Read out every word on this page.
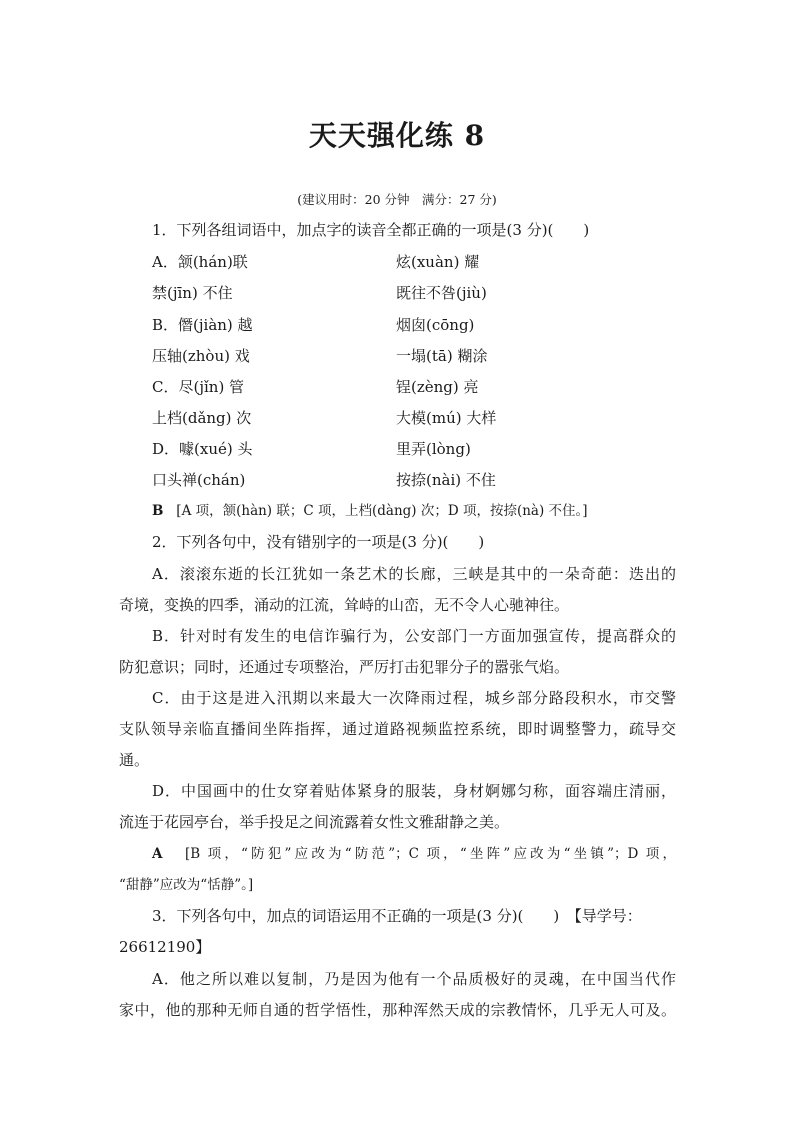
天天强化练 8
(建议用时：20 分钟　满分：27 分)
1．下列各组词语中，加点字的读音全都正确的一项是(3 分)(　　)
A．颔(hán)联	炫(xuàn) 耀
禁(jīn) 不住	既往不咎(jiù)
B．僭(jiàn) 越	烟囱(cōng)
压轴(zhòu) 戏	一塌(tā) 糊涂
C．尽(jǐn) 管	锃(zèng) 亮
上档(dǎng) 次	大模(mú) 大样
D．噱(xué) 头	里弄(lòng)
口头禅(chán)	按捺(nài) 不住
B [A 项，颔(hàn) 联；C 项，上档(dàng) 次；D 项，按捺(nà) 不住。]
2．下列各句中，没有错别字的一项是(3 分)(　　)
A．滚滚东逝的长江犹如一条艺术的长廊，三峡是其中的一朵奇葩：迭出的
奇境，变换的四季，涌动的江流，耸峙的山峦，无不令人心驰神往。
B．针对时有发生的电信诈骗行为，公安部门一方面加强宣传，提高群众的
防犯意识；同时，还通过专项整治，严厉打击犯罪分子的嚣张气焰。
C．由于这是进入汛期以来最大一次降雨过程，城乡部分路段积水，市交警
支队领导亲临直播间坐阵指挥，通过道路视频监控系统，即时调整警力，疏导交
通。
D．中国画中的仕女穿着贴体紧身的服装，身材婀娜匀称，面容端庄清丽，
流连于花园亭台，举手投足之间流露着女性文雅甜静之美。
A [B 项，“防犯”应改为“防范”；C 项，“坐阵”应改为“坐镇”；D 项，
“甜静”应改为“恬静”。]
3．下列各句中，加点的词语运用不正确的一项是(3 分)(　　)　【导学号：
26612190】
A．他之所以难以复制，乃是因为他有一个品质极好的灵魂，在中国当代作
家中，他的那种无师自通的哲学悟性，那种浑然天成的宗教情怀，几乎无人可及。
